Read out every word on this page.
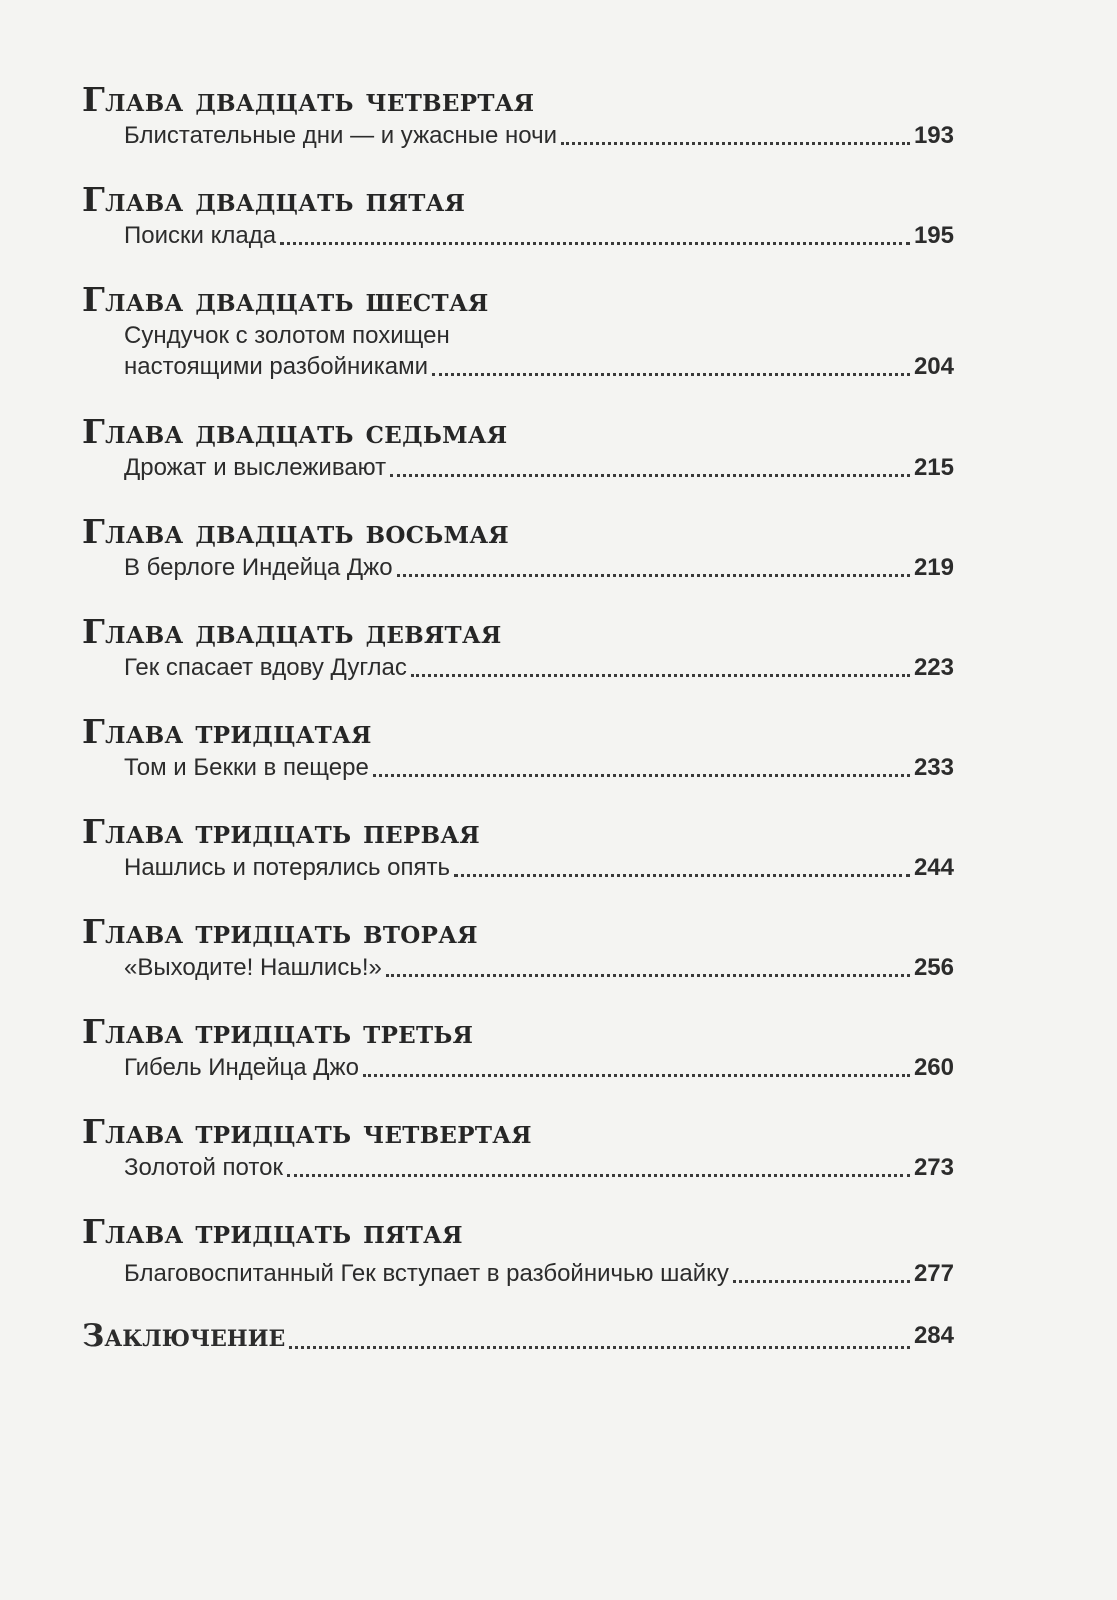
Глава двадцать четвертая
Блистательные дни — и ужасные ночи	193
Глава двадцать пятая
Поиски клада	195
Глава двадцать шестая
Сундучок с золотом похищен
настоящими разбойниками	204
Глава двадцать седьмая
Дрожат и выслеживают	215
Глава двадцать восьмая
В берлоге Индейца Джо	219
Глава двадцать девятая
Гек спасает вдову Дуглас	223
Глава тридцатая
Том и Бекки в пещере	233
Глава тридцать первая
Нашлись и потерялись опять	244
Глава тридцать вторая
«Выходите! Нашлись!»	256
Глава тридцать третья
Гибель Индейца Джо	260
Глава тридцать четвертая
Золотой поток	273
Глава тридцать пятая
Благовоспитанный Гек вступает в разбойничью шайку	277
Заключение	284
